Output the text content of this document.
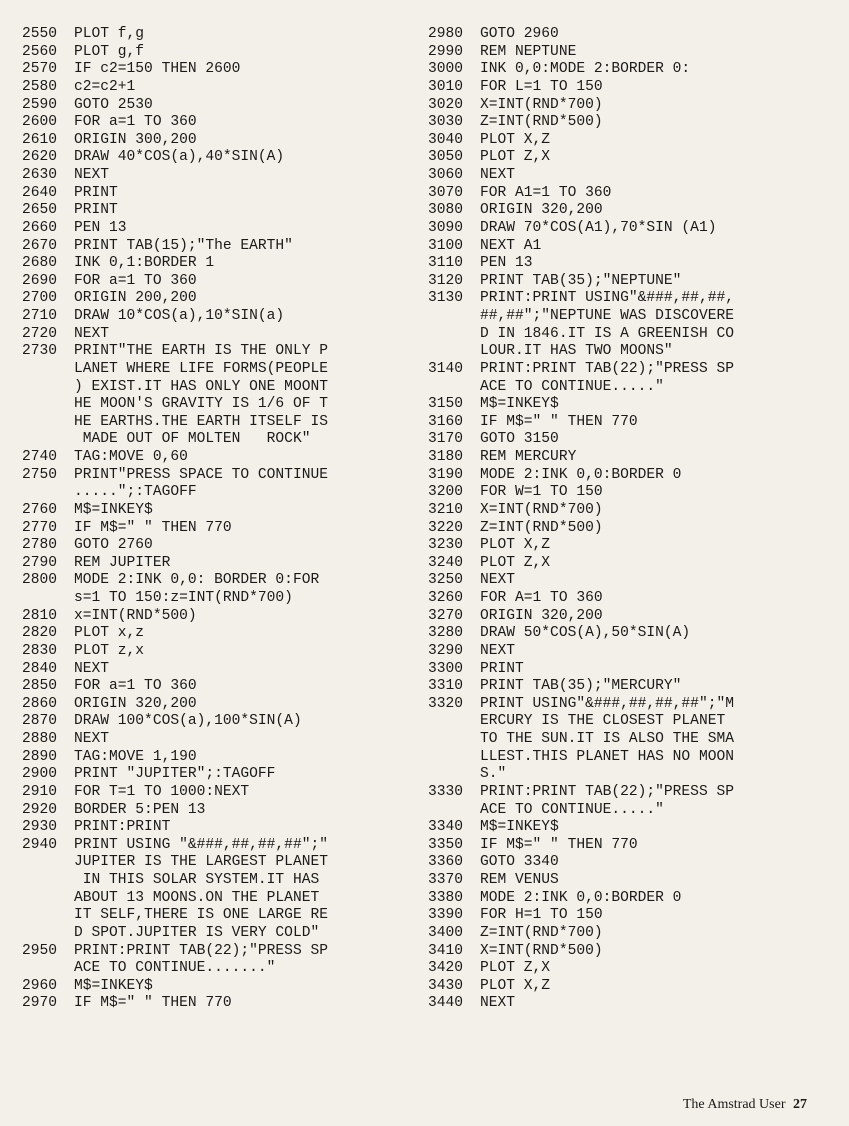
2550	PLOT f,g
2560	PLOT g,f
2570	IF c2=150 THEN 2600
2580	c2=c2+1
2590	GOTO 2530
2600	FOR a=1 TO 360
2610	ORIGIN 300,200
2620	DRAW 40*COS(a),40*SIN(A)
2630	NEXT
2640	PRINT
2650	PRINT
2660	PEN 13
2670	PRINT TAB(15);"The EARTH"
2680	INK 0,1:BORDER 1
2690	FOR a=1 TO 360
2700	ORIGIN 200,200
2710	DRAW 10*COS(a),10*SIN(a)
2720	NEXT
2730	PRINT"THE EARTH IS THE ONLY P
LANET WHERE LIFE FORMS(PEOPLE
) EXIST.IT HAS ONLY ONE MOONT
HE MOON'S GRAVITY IS 1/6 OF T
HE EARTHS.THE EARTH ITSELF IS
MADE OUT OF MOLTEN   ROCK"
2740	TAG:MOVE 0,60
2750	PRINT"PRESS SPACE TO CONTINUE
.....";:TAGOFF
2760	M$=INKEY$
2770	IF M$=" " THEN 770
2780	GOTO 2760
2790	REM JUPITER
2800	MODE 2:INK 0,0: BORDER 0:FOR
s=1 TO 150:z=INT(RND*700)
2810	x=INT(RND*500)
2820	PLOT x,z
2830	PLOT z,x
2840	NEXT
2850	FOR a=1 TO 360
2860	ORIGIN 320,200
2870	DRAW 100*COS(a),100*SIN(A)
2880	NEXT
2890	TAG:MOVE 1,190
2900	PRINT "JUPITER";:TAGOFF
2910	FOR T=1 TO 1000:NEXT
2920	BORDER 5:PEN 13
2930	PRINT:PRINT
2940	PRINT USING "&###,##,##,##";"
JUPITER IS THE LARGEST PLANET
IN THIS SOLAR SYSTEM.IT HAS
ABOUT 13 MOONS.ON THE PLANET
IT SELF,THERE IS ONE LARGE RE
D SPOT.JUPITER IS VERY COLD"
2950	PRINT:PRINT TAB(22);"PRESS SP
ACE TO CONTINUE......."
2960	M$=INKEY$
2970	IF M$=" " THEN 770
2980	GOTO 2960
2990	REM NEPTUNE
3000	INK 0,0:MODE 2:BORDER 0:
3010	FOR L=1 TO 150
3020	X=INT(RND*700)
3030	Z=INT(RND*500)
3040	PLOT X,Z
3050	PLOT Z,X
3060	NEXT
3070	FOR A1=1 TO 360
3080	ORIGIN 320,200
3090	DRAW 70*COS(A1),70*SIN (A1)
3100	NEXT A1
3110	PEN 13
3120	PRINT TAB(35);"NEPTUNE"
3130	PRINT:PRINT USING"&###,##,##,
##,##";"NEPTUNE WAS DISCOVERE
D IN 1846.IT IS A GREENISH CO
LOUR.IT HAS TWO MOONS"
3140	PRINT:PRINT TAB(22);"PRESS SP
ACE TO CONTINUE....."
3150	M$=INKEY$
3160	IF M$=" " THEN 770
3170	GOTO 3150
3180	REM MERCURY
3190	MODE 2:INK 0,0:BORDER 0
3200	FOR W=1 TO 150
3210	X=INT(RND*700)
3220	Z=INT(RND*500)
3230	PLOT X,Z
3240	PLOT Z,X
3250	NEXT
3260	FOR A=1 TO 360
3270	ORIGIN 320,200
3280	DRAW 50*COS(A),50*SIN(A)
3290	NEXT
3300	PRINT
3310	PRINT TAB(35);"MERCURY"
3320	PRINT USING"&###,##,##,##";"M
ERCURY IS THE CLOSEST PLANET
TO THE SUN.IT IS ALSO THE SMA
LLEST.THIS PLANET HAS NO MOON
S."
3330	PRINT:PRINT TAB(22);"PRESS SP
ACE TO CONTINUE....."
3340	M$=INKEY$
3350	IF M$=" " THEN 770
3360	GOTO 3340
3370	REM VENUS
3380	MODE 2:INK 0,0:BORDER 0
3390	FOR H=1 TO 150
3400	Z=INT(RND*700)
3410	X=INT(RND*500)
3420	PLOT Z,X
3430	PLOT X,Z
3440	NEXT
The Amstrad User 27
